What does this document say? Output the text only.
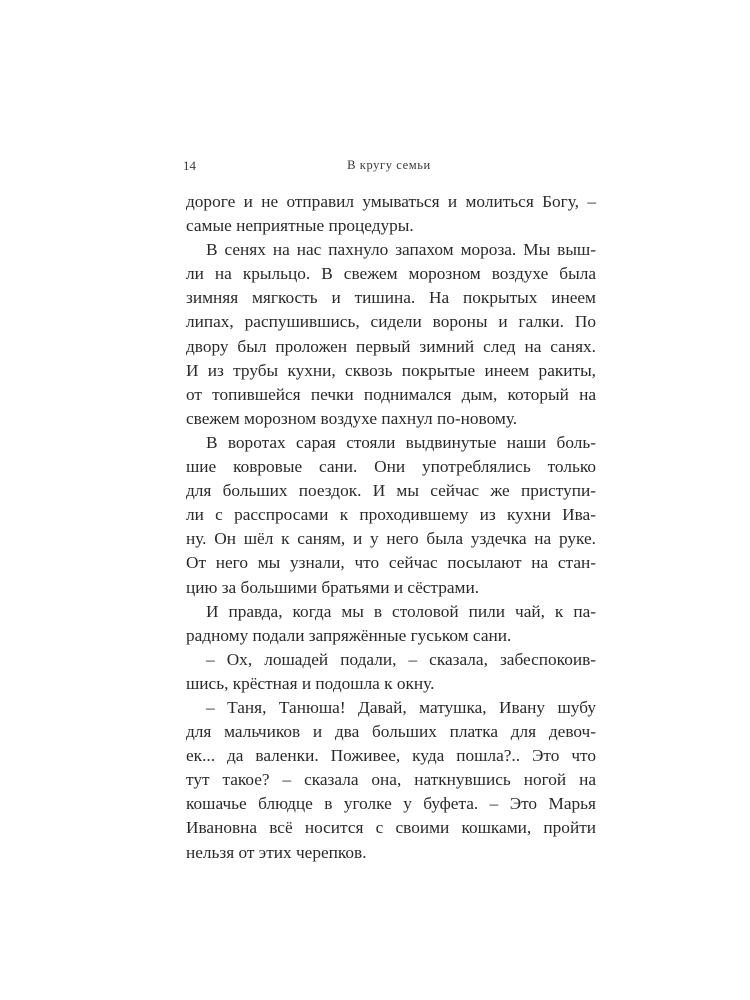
14	В кругу семьи
дороге и не отправил умываться и молиться Богу, –
самые неприятные процедуры.
В сенях на нас пахнуло запахом мороза. Мы выш-
ли на крыльцо. В свежем морозном воздухе была
зимняя мягкость и тишина. На покрытых инеем
липах, распушившись, сидели вороны и галки. По
двору был проложен первый зимний след на санях.
И из трубы кухни, сквозь покрытые инеем ракиты,
от топившейся печки поднимался дым, который на
свежем морозном воздухе пахнул по-новому.
В воротах сарая стояли выдвинутые наши боль-
шие ковровые сани. Они употреблялись только
для больших поездок. И мы сейчас же приступи-
ли с расспросами к проходившему из кухни Ива-
ну. Он шёл к саням, и у него была уздечка на руке.
От него мы узнали, что сейчас посылают на стан-
цию за большими братьями и сёстрами.
И правда, когда мы в столовой пили чай, к па-
радному подали запряжённые гуськом сани.
– Ох, лошадей подали, – сказала, забеспокоив-
шись, крёстная и подошла к окну.
– Таня, Танюша! Давай, матушка, Ивану шубу
для мальчиков и два больших платка для девоч-
ек... да валенки. Поживее, куда пошла?.. Это что
тут такое? – сказала она, наткнувшись ногой на
кошачье блюдце в уголке у буфета. – Это Марья
Ивановна всё носится с своими кошками, пройти
нельзя от этих черепков.
